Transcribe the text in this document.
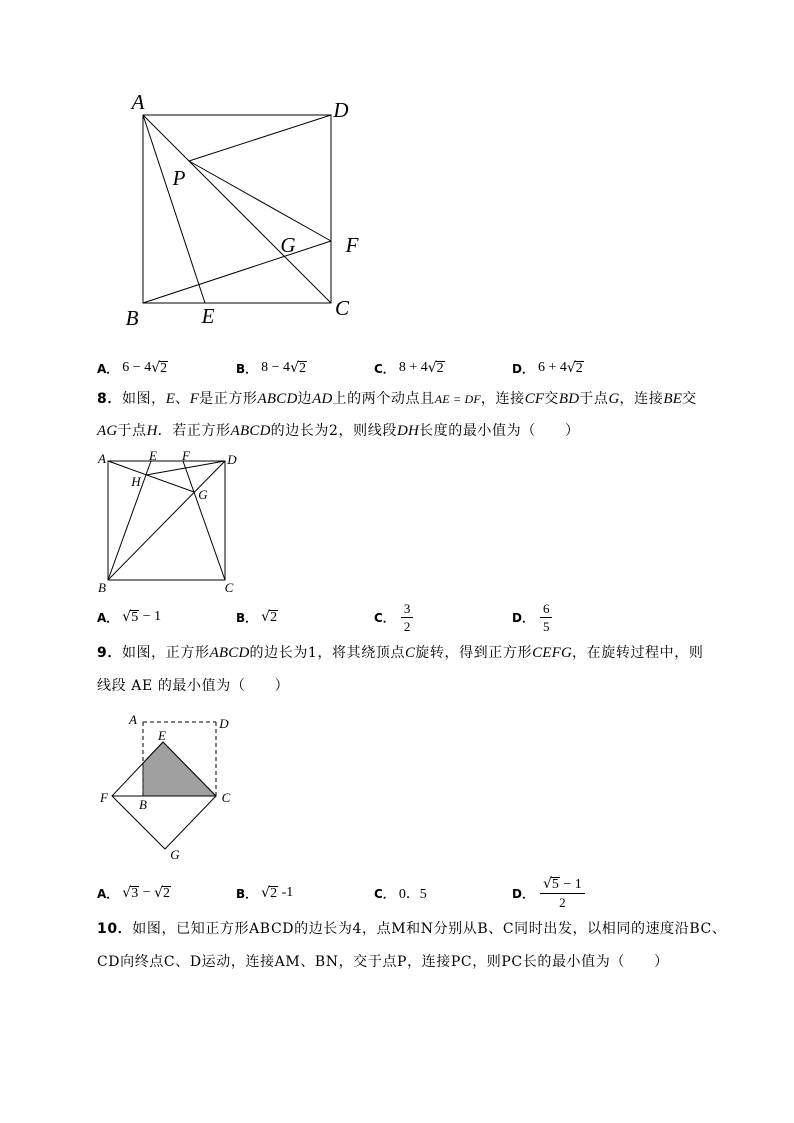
A	D
P
G F
B	E	C
A． 6 − 4 √ 2	B． 8 − 4 √ 2	C． 8 + 4 √ 2	D． 6 + 4 √ 2
8． 如图， E 、 F 是正方形 ABCD 边 AD 上的两个动点且 AE = DF ，连接 CF 交 BD 于点 G ，连接 BE 交
AG 于点 H ．若正方形 ABCD 的边长为2，则线段 DH 长度的最小值为（　　）
A	E F	D
H
G
B	C
A． √ 5 − 1	B． √ 2	C． $\frac{3}{2}$	D． $\frac{6}{5}$
9． 如图，正方形 ABCD 的边长为1，将其绕顶点 C 旋转，得到正方形 CEFG ，在旋转过程中，则
线段 AE 的最小值为（　　）
A	D
E
F B	C
G
A． √ 3 − √ 2	B． √ 2 -1	C． 0．5	D． $\frac{√ 5 - 1}{2}$
10． 如图，已知正方形ABCD的边长为4，点M和N分别从B、C同时出发，以相同的速度沿BC、
CD向终点C、D运动，连接AM、BN，交于点P，连接PC，则PC长的最小值为（　　）
